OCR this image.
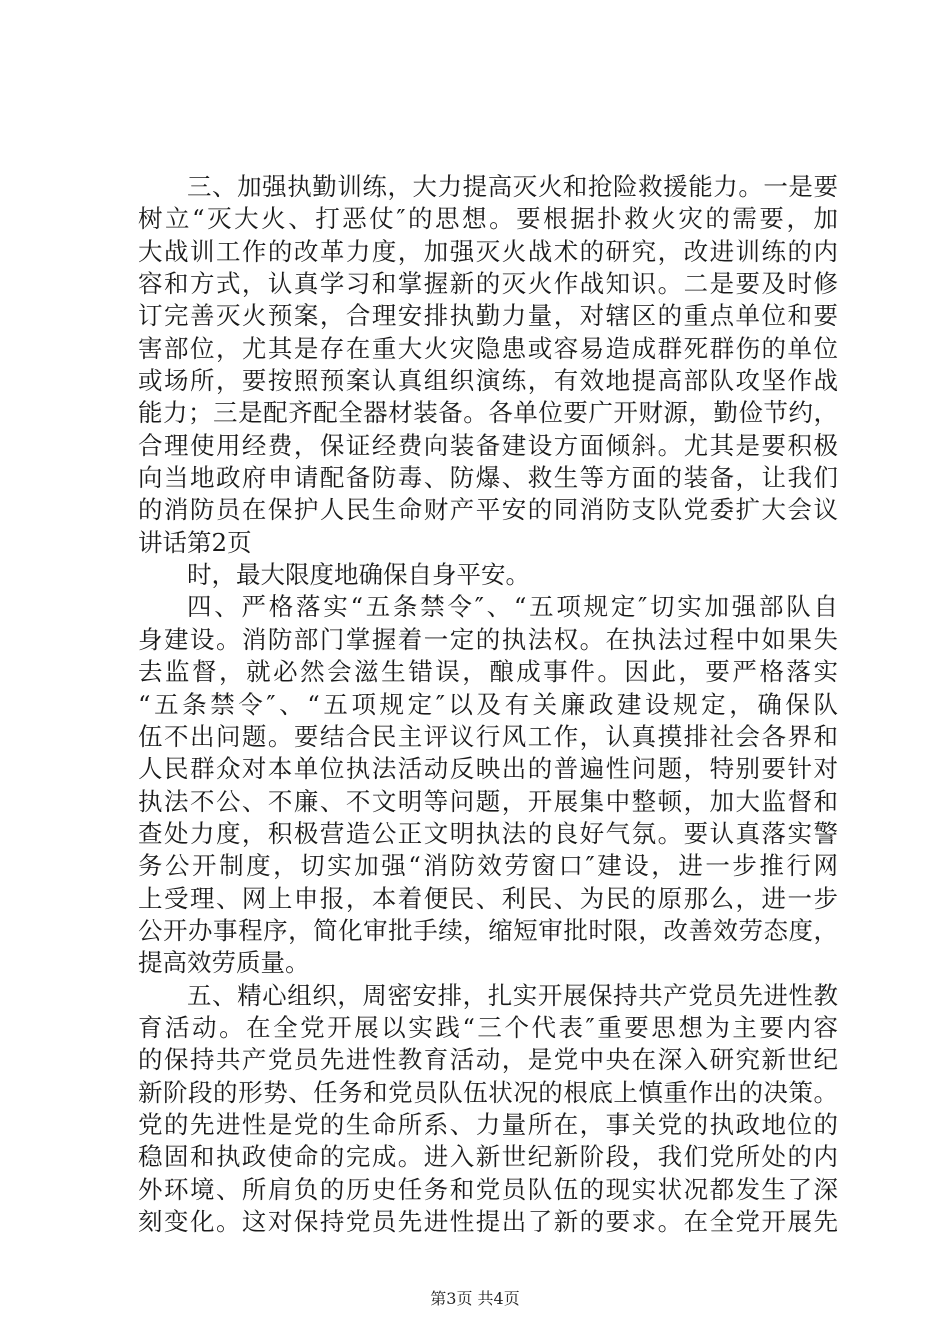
三、加强执勤训练，大力提高灭火和抢险救援能力。一是要
树立“灭大火、打恶仗″的思想。要根据扑救火灾的需要，加
大战训工作的改革力度，加强灭火战术的研究，改进训练的内
容和方式，认真学习和掌握新的灭火作战知识。二是要及时修
订完善灭火预案，合理安排执勤力量，对辖区的重点单位和要
害部位，尤其是存在重大火灾隐患或容易造成群死群伤的单位
或场所，要按照预案认真组织演练，有效地提高部队攻坚作战
能力；三是配齐配全器材装备。各单位要广开财源，勤俭节约，
合理使用经费，保证经费向装备建设方面倾斜。尤其是要积极
向当地政府申请配备防毒、防爆、救生等方面的装备，让我们
的消防员在保护人民生命财产平安的同消防支队党委扩大会议
讲话第2页
时，最大限度地确保自身平安。
四、严格落实“五条禁令″、“五项规定″切实加强部队自
身建设。消防部门掌握着一定的执法权。在执法过程中如果失
去监督，就必然会滋生错误，酿成事件。因此，要严格落实
“五条禁令″、“五项规定″以及有关廉政建设规定，确保队
伍不出问题。要结合民主评议行风工作，认真摸排社会各界和
人民群众对本单位执法活动反映出的普遍性问题，特别要针对
执法不公、不廉、不文明等问题，开展集中整顿，加大监督和
查处力度，积极营造公正文明执法的良好气氛。要认真落实警
务公开制度，切实加强“消防效劳窗口″建设，进一步推行网
上受理、网上申报，本着便民、利民、为民的原那么，进一步
公开办事程序，简化审批手续，缩短审批时限，改善效劳态度，
提高效劳质量。
五、精心组织，周密安排，扎实开展保持共产党员先进性教
育活动。在全党开展以实践“三个代表″重要思想为主要内容
的保持共产党员先进性教育活动，是党中央在深入研究新世纪
新阶段的形势、任务和党员队伍状况的根底上慎重作出的决策。
党的先进性是党的生命所系、力量所在，事关党的执政地位的
稳固和执政使命的完成。进入新世纪新阶段，我们党所处的内
外环境、所肩负的历史任务和党员队伍的现实状况都发生了深
刻变化。这对保持党员先进性提出了新的要求。在全党开展先
第3页 共4页
